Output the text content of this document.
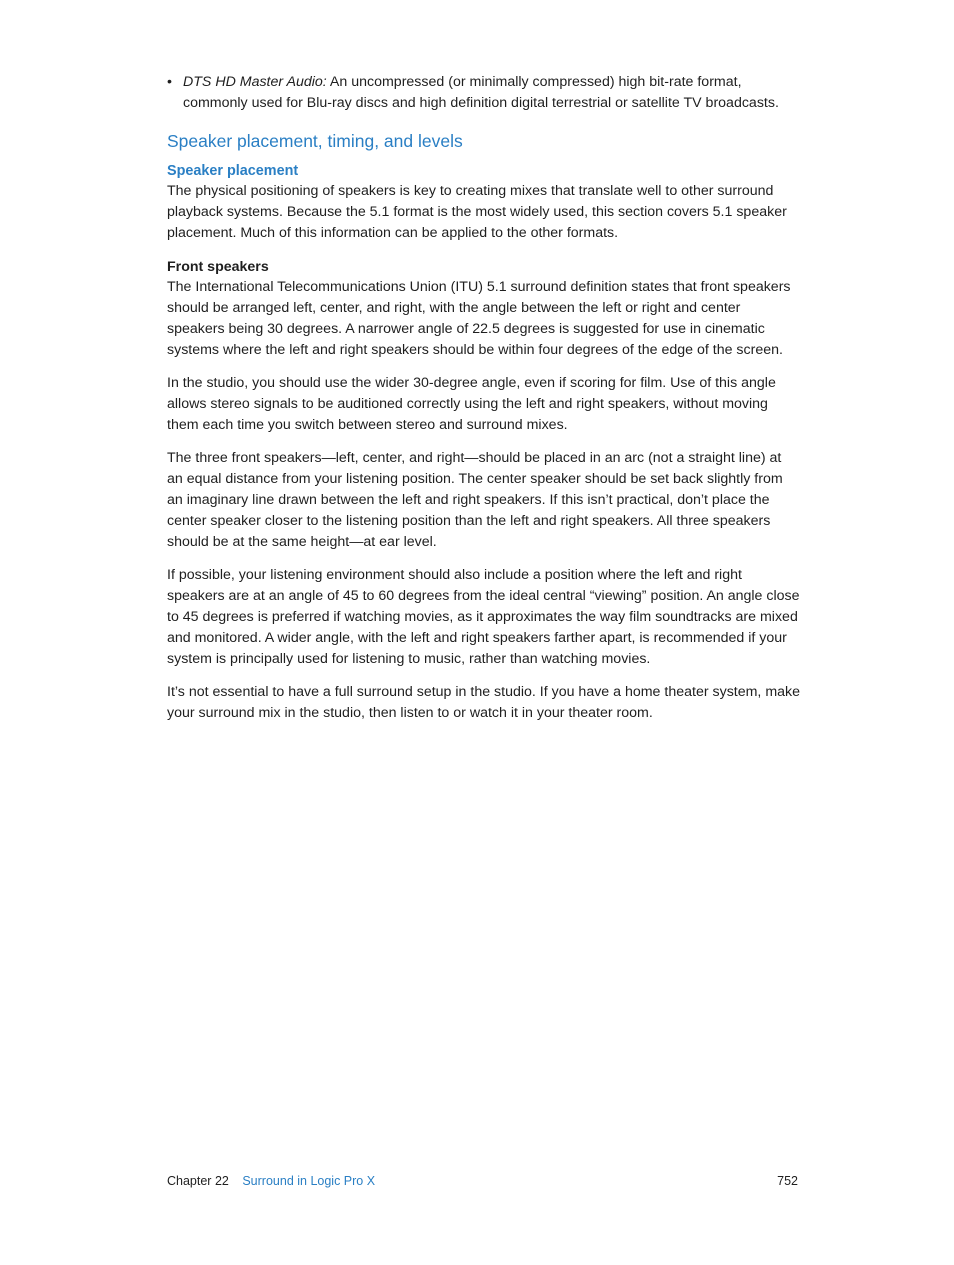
• DTS HD Master Audio: An uncompressed (or minimally compressed) high bit-rate format, commonly used for Blu-ray discs and high definition digital terrestrial or satellite TV broadcasts.
Speaker placement, timing, and levels
Speaker placement

The physical positioning of speakers is key to creating mixes that translate well to other surround playback systems. Because the 5.1 format is the most widely used, this section covers 5.1 speaker placement. Much of this information can be applied to the other formats.

Front speakers

The International Telecommunications Union (ITU) 5.1 surround definition states that front speakers should be arranged left, center, and right, with the angle between the left or right and center speakers being 30 degrees. A narrower angle of 22.5 degrees is suggested for use in cinematic systems where the left and right speakers should be within four degrees of the edge of the screen.

In the studio, you should use the wider 30-degree angle, even if scoring for film. Use of this angle allows stereo signals to be auditioned correctly using the left and right speakers, without moving them each time you switch between stereo and surround mixes.

The three front speakers—left, center, and right—should be placed in an arc (not a straight line) at an equal distance from your listening position. The center speaker should be set back slightly from an imaginary line drawn between the left and right speakers. If this isn’t practical, don’t place the center speaker closer to the listening position than the left and right speakers. All three speakers should be at the same height—at ear level.

If possible, your listening environment should also include a position where the left and right speakers are at an angle of 45 to 60 degrees from the ideal central “viewing” position. An angle close to 45 degrees is preferred if watching movies, as it approximates the way film soundtracks are mixed and monitored. A wider angle, with the left and right speakers farther apart, is recommended if your system is principally used for listening to music, rather than watching movies.

It’s not essential to have a full surround setup in the studio. If you have a home theater system, make your surround mix in the studio, then listen to or watch it in your theater room.

Chapter 22 Surround in Logic Pro X	752
